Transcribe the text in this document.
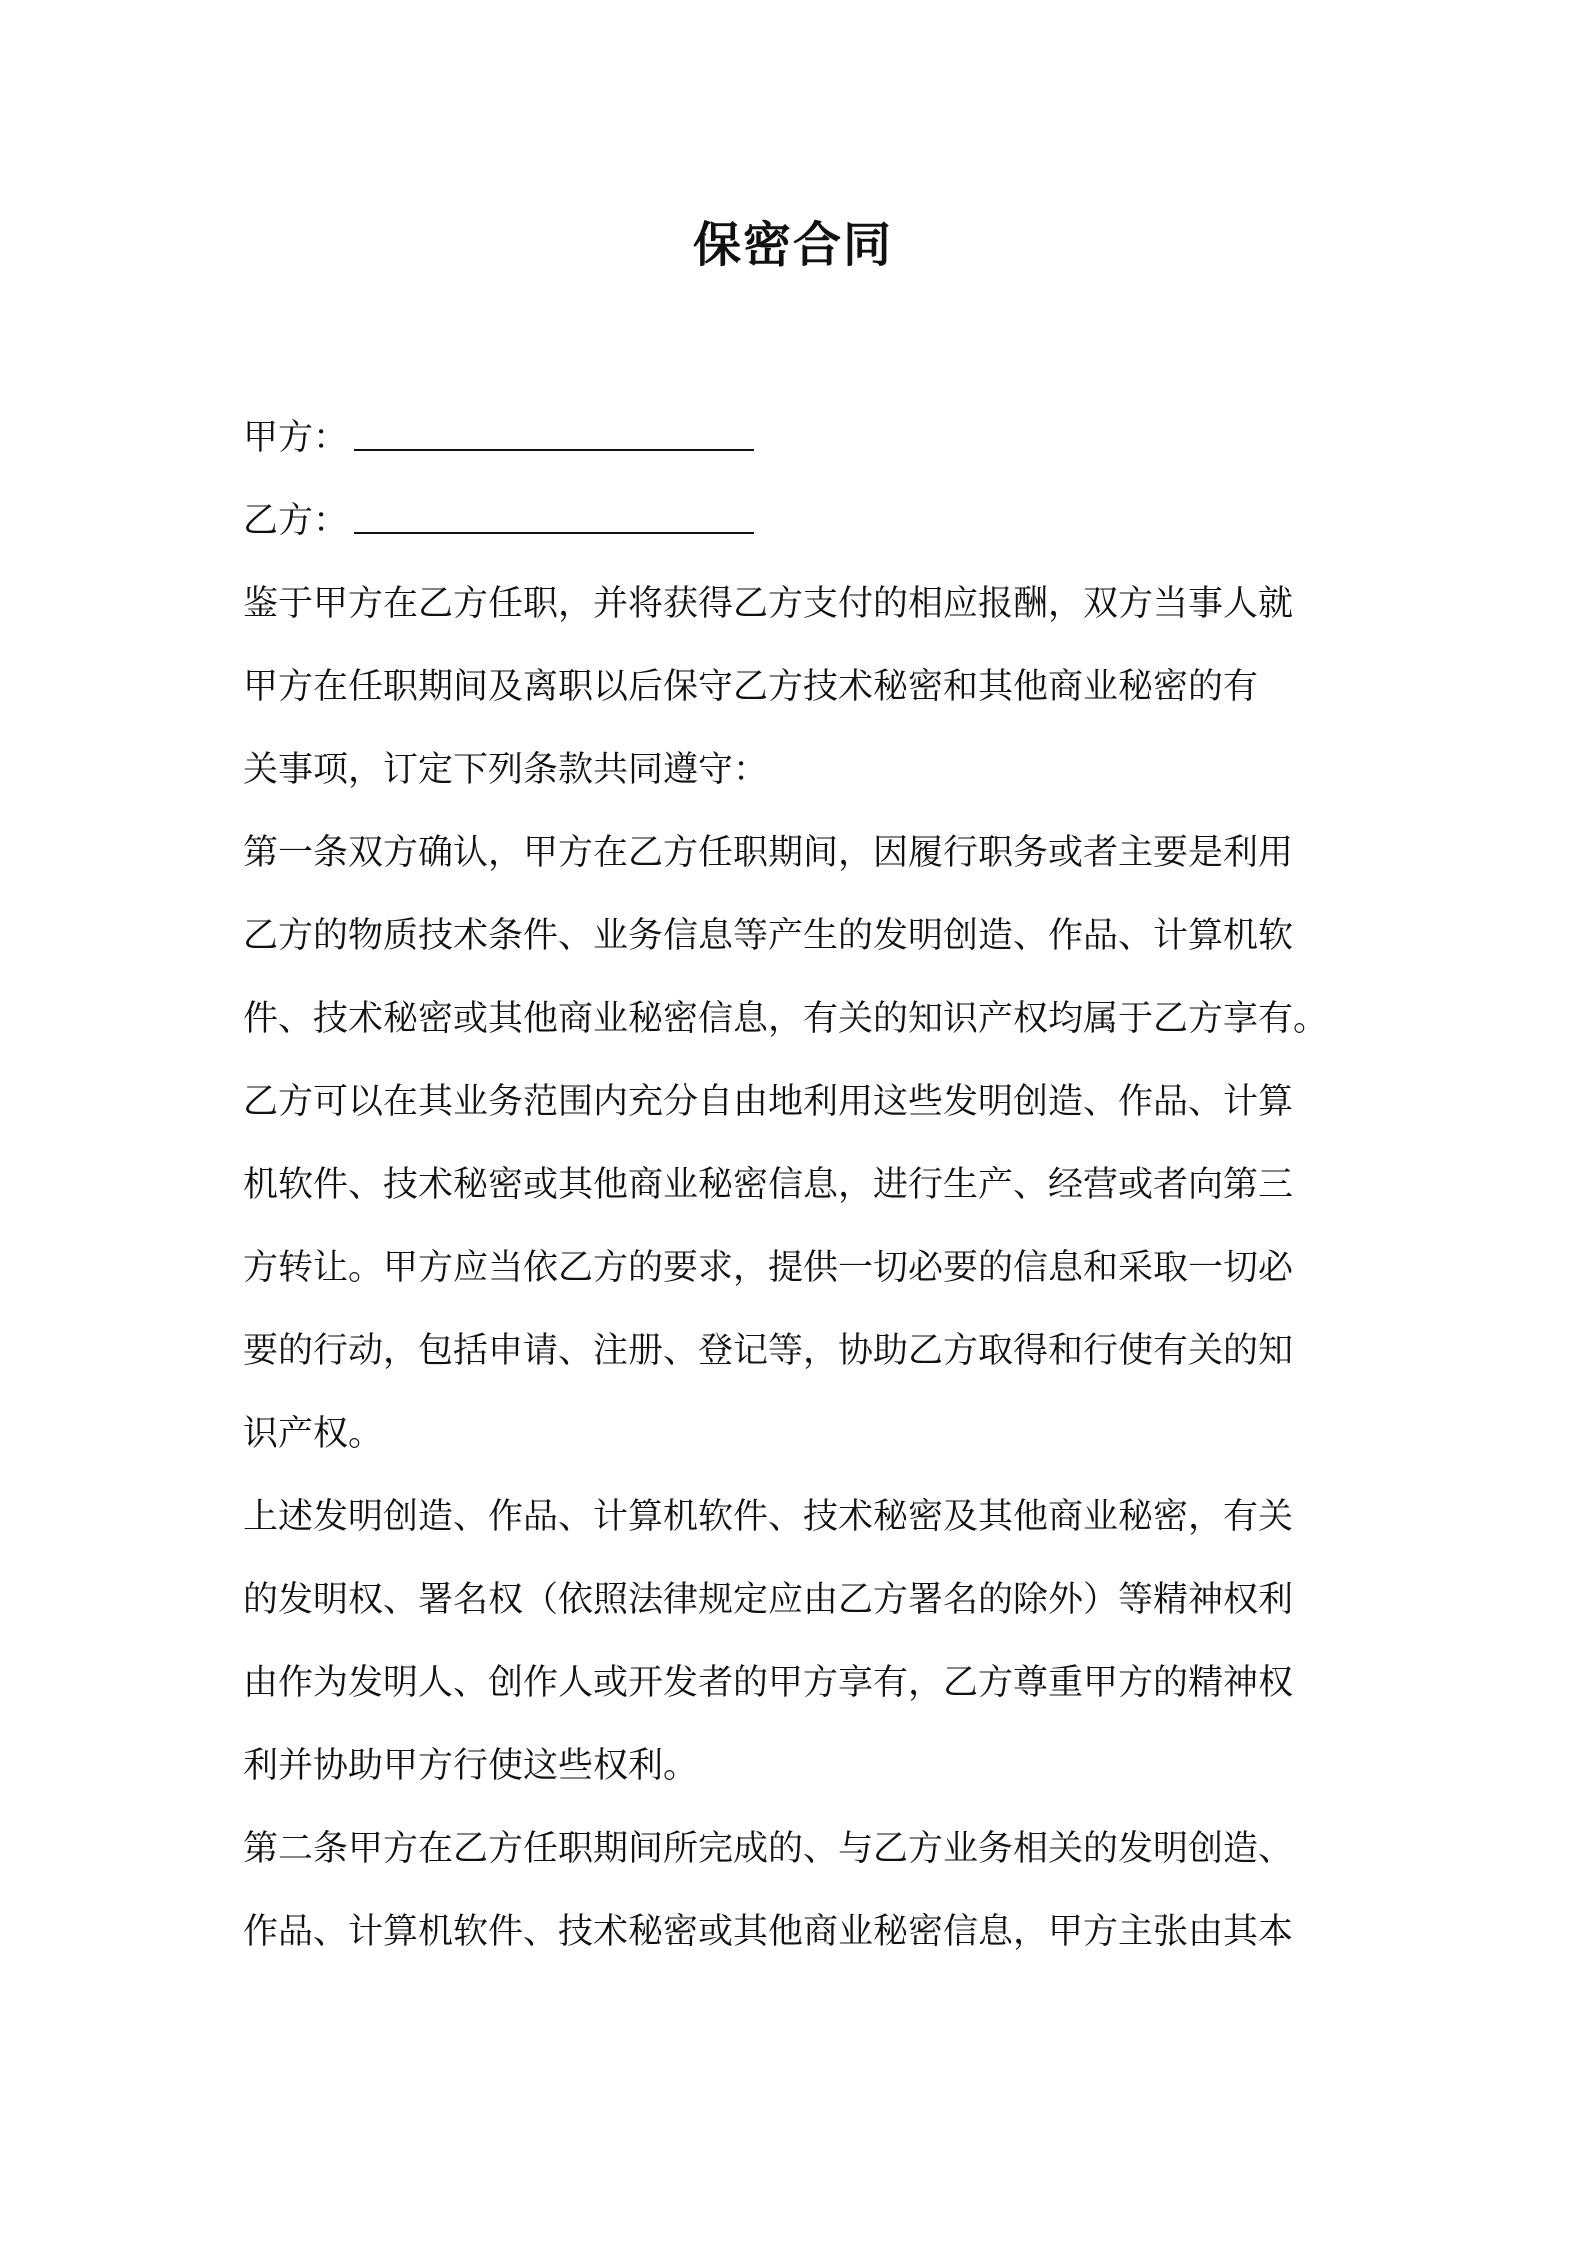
保密合同
甲方：
乙方：
鉴于甲方在乙方任职，并将获得乙方支付的相应报酬，双方当事人就
甲方在任职期间及离职以后保守乙方技术秘密和其他商业秘密的有
关事项，订定下列条款共同遵守：
第一条双方确认，甲方在乙方任职期间，因履行职务或者主要是利用
乙方的物质技术条件、业务信息等产生的发明创造、作品、计算机软
件、技术秘密或其他商业秘密信息，有关的知识产权均属于乙方享有。
乙方可以在其业务范围内充分自由地利用这些发明创造、作品、计算
机软件、技术秘密或其他商业秘密信息，进行生产、经营或者向第三
方转让。甲方应当依乙方的要求，提供一切必要的信息和采取一切必
要的行动，包括申请、注册、登记等，协助乙方取得和行使有关的知
识产权。
上述发明创造、作品、计算机软件、技术秘密及其他商业秘密，有关
的发明权、署名权（依照法律规定应由乙方署名的除外）等精神权利
由作为发明人、创作人或开发者的甲方享有，乙方尊重甲方的精神权
利并协助甲方行使这些权利。
第二条甲方在乙方任职期间所完成的、与乙方业务相关的发明创造、
作品、计算机软件、技术秘密或其他商业秘密信息，甲方主张由其本
